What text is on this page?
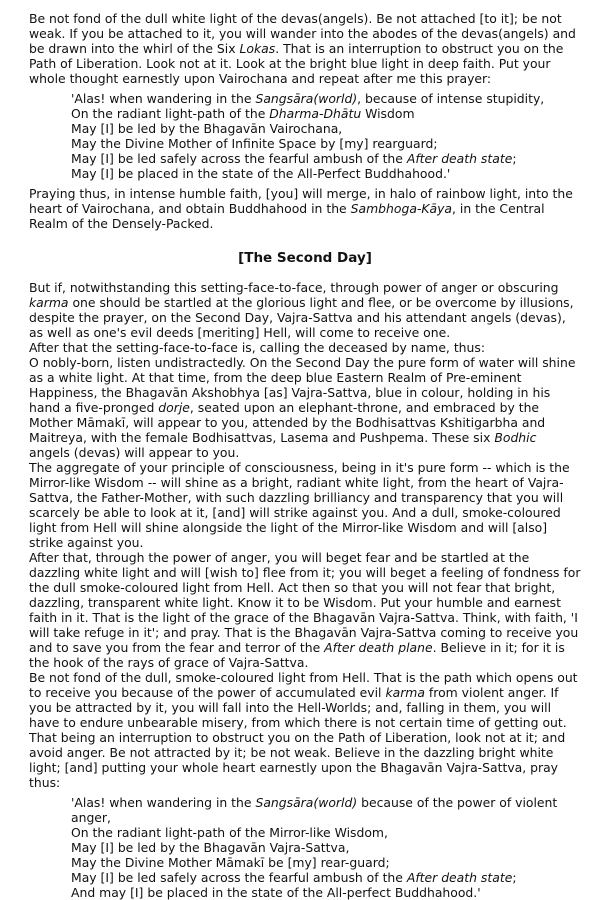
Be not fond of the dull white light of the devas(angels). Be not attached [to it]; be not weak. If you be attached to it, you will wander into the abodes of the devas(angels) and be drawn into the whirl of the Six Lokas. That is an interruption to obstruct you on the Path of Liberation. Look not at it. Look at the bright blue light in deep faith. Put your whole thought earnestly upon Vairochana and repeat after me this prayer:

'Alas! when wandering in the Sangsāra(world), because of intense stupidity,
On the radiant light-path of the Dharma-Dhātu Wisdom
May [I] be led by the Bhagavān Vairochana,
May the Divine Mother of Infinite Space by [my] rearguard;
May [I] be led safely across the fearful ambush of the After death state;
May [I] be placed in the state of the All-Perfect Buddhahood.'

Praying thus, in intense humble faith, [you] will merge, in halo of rainbow light, into the heart of Vairochana, and obtain Buddhahood in the Sambhoga-Kāya, in the Central Realm of the Densely-Packed.

[The Second Day]

But if, notwithstanding this setting-face-to-face, through power of anger or obscuring karma one should be startled at the glorious light and flee, or be overcome by illusions, despite the prayer, on the Second Day, Vajra-Sattva and his attendant angels (devas), as well as one's evil deeds [meriting] Hell, will come to receive one.

After that the setting-face-to-face is, calling the deceased by name, thus:

O nobly-born, listen undistractedly. On the Second Day the pure form of water will shine as a white light. At that time, from the deep blue Eastern Realm of Pre-eminent Happiness, the Bhagavān Akshobhya [as] Vajra-Sattva, blue in colour, holding in his hand a five-pronged dorje, seated upon an elephant-throne, and embraced by the Mother Māmakī, will appear to you, attended by the Bodhisattvas Kshitigarbha and Maitreya, with the female Bodhisattvas, Lasema and Pushpema. These six Bodhic angels (devas) will appear to you.

The aggregate of your principle of consciousness, being in it's pure form -- which is the Mirror-like Wisdom -- will shine as a bright, radiant white light, from the heart of Vajra-Sattva, the Father-Mother, with such dazzling brilliancy and transparency that you will scarcely be able to look at it, [and] will strike against you. And a dull, smoke-coloured light from Hell will shine alongside the light of the Mirror-like Wisdom and will [also] strike against you.

After that, through the power of anger, you will beget fear and be startled at the dazzling white light and will [wish to] flee from it; you will beget a feeling of fondness for the dull smoke-coloured light from Hell. Act then so that you will not fear that bright, dazzling, transparent white light. Know it to be Wisdom. Put your humble and earnest faith in it. That is the light of the grace of the Bhagavān Vajra-Sattva. Think, with faith, 'I will take refuge in it'; and pray. That is the Bhagavān Vajra-Sattva coming to receive you and to save you from the fear and terror of the After death plane. Believe in it; for it is the hook of the rays of grace of Vajra-Sattva.

Be not fond of the dull, smoke-coloured light from Hell. That is the path which opens out to receive you because of the power of accumulated evil karma from violent anger. If you be attracted by it, you will fall into the Hell-Worlds; and, falling in them, you will have to endure unbearable misery, from which there is not certain time of getting out. That being an interruption to obstruct you on the Path of Liberation, look not at it; and avoid anger. Be not attracted by it; be not weak. Believe in the dazzling bright white light; [and] putting your whole heart earnestly upon the Bhagavān Vajra-Sattva, pray thus:

'Alas! when wandering in the Sangsāra(world) because of the power of violent anger,
On the radiant light-path of the Mirror-like Wisdom,
May [I] be led by the Bhagavān Vajra-Sattva,
May the Divine Mother Māmakī be [my] rear-guard;
May [I] be led safely across the fearful ambush of the After death state;
And may [I] be placed in the state of the All-perfect Buddhahood.'
